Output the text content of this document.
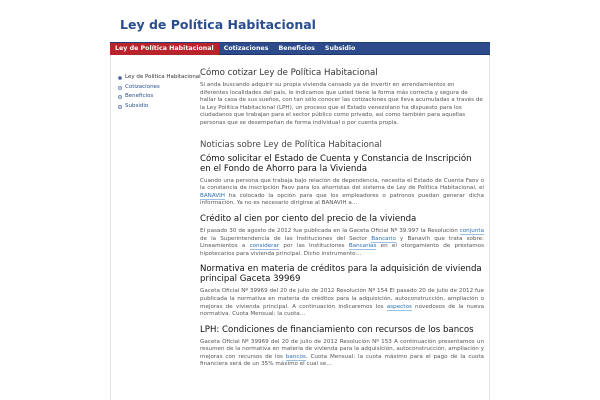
Ley de Política Habitacional
Ley de Política Habitacional	Cotizaciones	Beneficios	Subsidio
Ley de Política Habitacional
Cotizaciones
Beneficios
Subsidio
Cómo cotizar Ley de Política Habitacional

Si anda buscando adquirir su propia vivienda cansado ya de invertir en arrendamientos en diferentes localidades del país, le indicamos que usted tiene la forma más correcta y segura de hallar la casa de sus sueños, con tan sólo conocer las cotizaciones que lleva acumuladas a través de la Ley Política Habitacional (LPH), un proceso que el Estado venezolano ha dispuesto para los ciudadanos que trabajan para el sector público como privado, así como también para aquellas personas que se desempeñan de forma individual o por cuenta propia.

Noticias sobre Ley de Política Habitacional
Cómo solicitar el Estado de Cuenta y Constancia de Inscripción en el Fondo de Ahorro para la Vivienda

Cuando una persona que trabaja bajo relación de dependencia, necesita el Estado de Cuenta Faov o la constancia de inscripción Faov para los ahorristas del sistema de Ley de Política Habitacional, el BANAVIH ha colocado la opción para que los empleadores o patronos puedan generar dicha información. Ya no es necesario dirigirse al BANAVIH a…

Crédito al cien por ciento del precio de la vivienda

El pasado 30 de agosto de 2012 fue publicada en la Gaceta Oficial Nº 39.997 la Resolución conjunta de la Superintendencia de las Instituciones del Sector Bancario y Banavih que trata sobre: Lineamientos a considerar por las Instituciones Bancarias en el otorgamiento de préstamos hipotecarios para vivienda principal. Dicho instrumento…

Normativa en materia de créditos para la adquisición de vivienda principal Gaceta 39969

Gaceta Oficial Nº 39969 del 20 de julio de 2012 Resolución Nº 154 El pasado 20 de julio de 2012 fue publicada la normativa en materia de créditos para la adquisición, autoconstrucción, ampliación o mejoras de vivienda principal. A continuación indicaremos los aspectos novedosos de la nueva normativa. Cuota Mensual: la cuota…

LPH: Condiciones de financiamiento con recursos de los bancos

Gaceta Oficial Nº 39969 del 20 de julio de 2012 Resolución Nº 153 A continuación presentamos un resumen de la normativa en materia de vivienda para la adquisición, autoconstrucción, ampliación y mejoras con recursos de los bancos. Cuota Mensual: la cuota máximo para el pago de la cuota financiera será de un 35% máximo el cual se…
